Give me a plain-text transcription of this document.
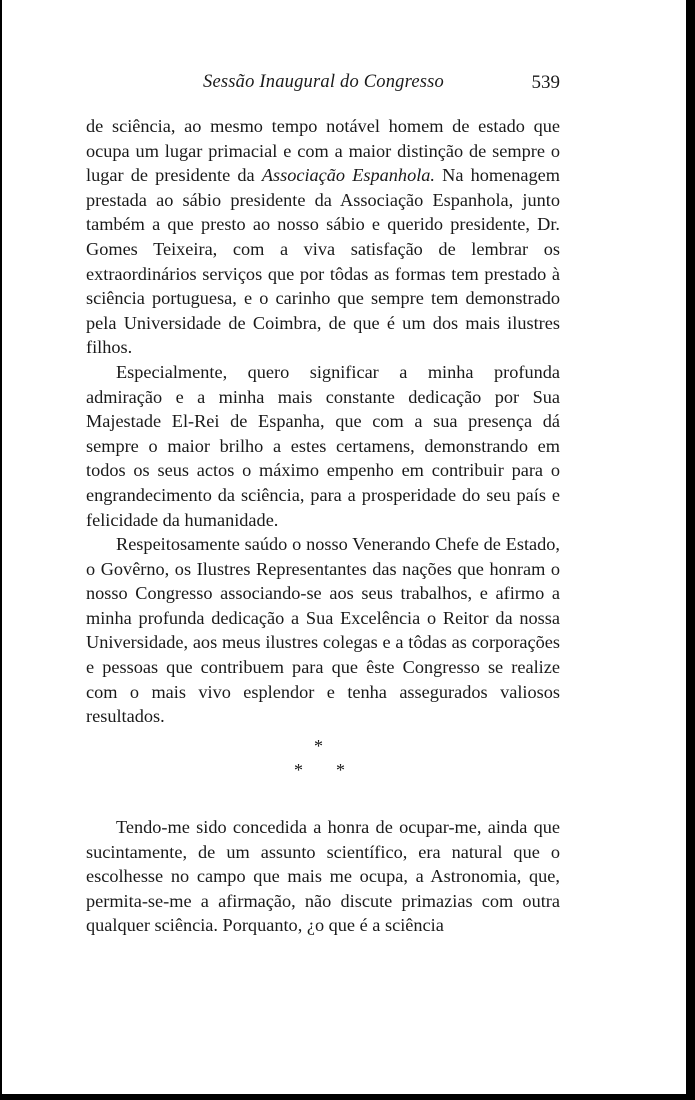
Sessão Inaugural do Congresso	539

de sciência, ao mesmo tempo notável homem de estado que ocupa um lugar primacial e com a maior distinção de sempre o lugar de presidente da Associação Espanhola. Na homenagem prestada ao sábio presidente da Associação Espanhola, junto também a que presto ao nosso sábio e querido presidente, Dr. Gomes Teixeira, com a viva satisfação de lembrar os extraordinários serviços que por tôdas as formas tem prestado à sciência portuguesa, e o carinho que sempre tem demonstrado pela Universidade de Coimbra, de que é um dos mais ilustres filhos.

Especialmente, quero significar a minha profunda admiração e a minha mais constante dedicação por Sua Majestade El-Rei de Espanha, que com a sua presença dá sempre o maior brilho a estes certamens, demonstrando em todos os seus actos o máximo empenho em contribuir para o engrandecimento da sciência, para a prosperidade do seu país e felicidade da humanidade.

Respeitosamente saúdo o nosso Venerando Chefe de Estado, o Govêrno, os Ilustres Representantes das nações que honram o nosso Congresso associando-se aos seus trabalhos, e afirmo a minha profunda dedicação a Sua Excelência o Reitor da nossa Universidade, aos meus ilustres colegas e a tôdas as corporações e pessoas que contribuem para que êste Congresso se realize com o mais vivo esplendor e tenha assegurados valiosos resultados.

*
* *

Tendo-me sido concedida a honra de ocupar-me, ainda que sucintamente, de um assunto scientífico, era natural que o escolhesse no campo que mais me ocupa, a Astronomia, que, permita-se-me a afirmação, não discute primazias com outra qualquer sciência. Porquanto, ¿o que é a sciência
